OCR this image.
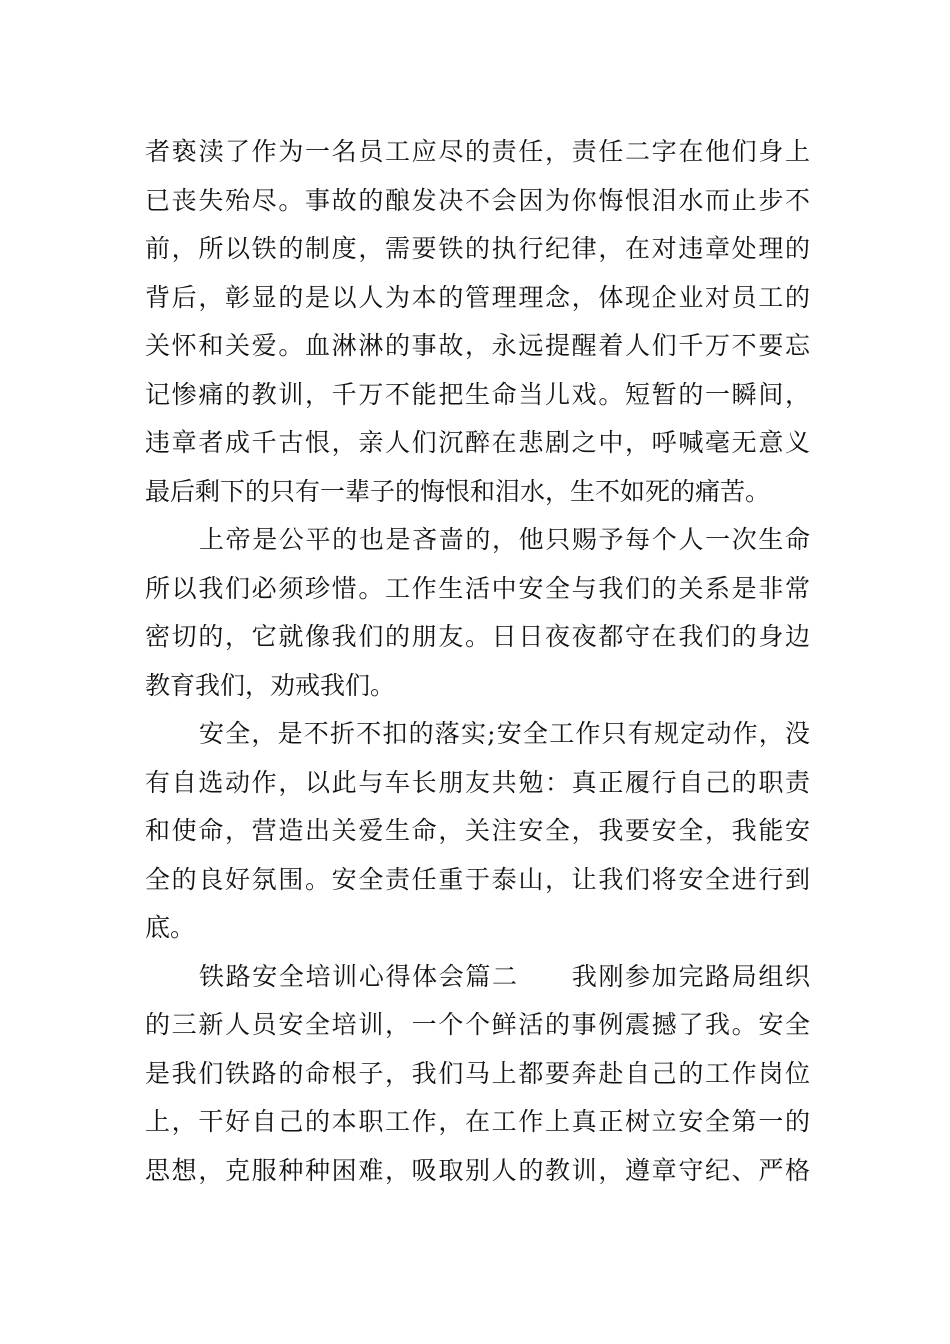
者亵渎了作为一名员工应尽的责任，责任二字在他们身上
已丧失殆尽。事故的酿发决不会因为你悔恨泪水而止步不
前，所以铁的制度，需要铁的执行纪律，在对违章处理的
背后，彰显的是以人为本的管理理念，体现企业对员工的
关怀和关爱。血淋淋的事故，永远提醒着人们千万不要忘
记惨痛的教训，千万不能把生命当儿戏。短暂的一瞬间，
违章者成千古恨，亲人们沉醉在悲剧之中，呼喊毫无意义
最后剩下的只有一辈子的悔恨和泪水，生不如死的痛苦。
上帝是公平的也是吝啬的，他只赐予每个人一次生命
所以我们必须珍惜。工作生活中安全与我们的关系是非常
密切的，它就像我们的朋友。日日夜夜都守在我们的身边
教育我们，劝戒我们。
安全，是不折不扣的落实;安全工作只有规定动作，没
有自选动作，以此与车长朋友共勉：真正履行自己的职责
和使命，营造出关爱生命，关注安全，我要安全，我能安
全的良好氛围。安全责任重于泰山，让我们将安全进行到
底。
铁路安全培训心得体会篇二　　我刚参加完路局组织
的三新人员安全培训，一个个鲜活的事例震撼了我。安全
是我们铁路的命根子，我们马上都要奔赴自己的工作岗位
上，干好自己的本职工作，在工作上真正树立安全第一的
思想，克服种种困难，吸取别人的教训，遵章守纪、严格
